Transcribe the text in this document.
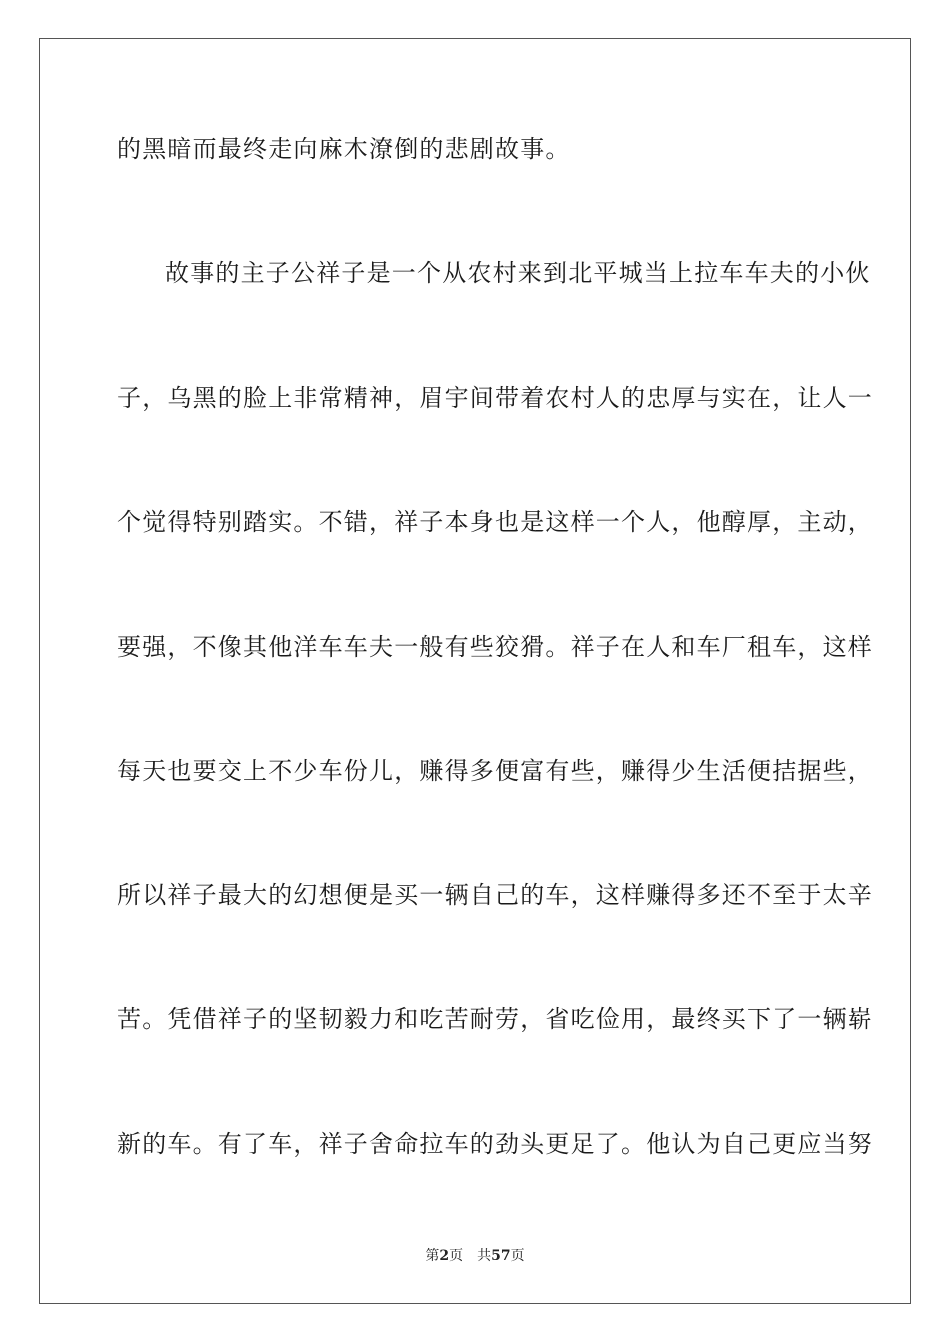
的黑暗而最终走向麻木潦倒的悲剧故事。
故事的主子公祥子是一个从农村来到北平城当上拉车车夫的小伙
子，乌黑的脸上非常精神，眉宇间带着农村人的忠厚与实在，让人一
个觉得特别踏实。不错，祥子本身也是这样一个人，他醇厚，主动，
要强，不像其他洋车车夫一般有些狡猾。祥子在人和车厂租车，这样
每天也要交上不少车份儿，赚得多便富有些，赚得少生活便拮据些，
所以祥子最大的幻想便是买一辆自己的车，这样赚得多还不至于太辛
苦。凭借祥子的坚韧毅力和吃苦耐劳，省吃俭用，最终买下了一辆崭
新的车。有了车，祥子舍命拉车的劲头更足了。他认为自己更应当努
第2页 共57页
